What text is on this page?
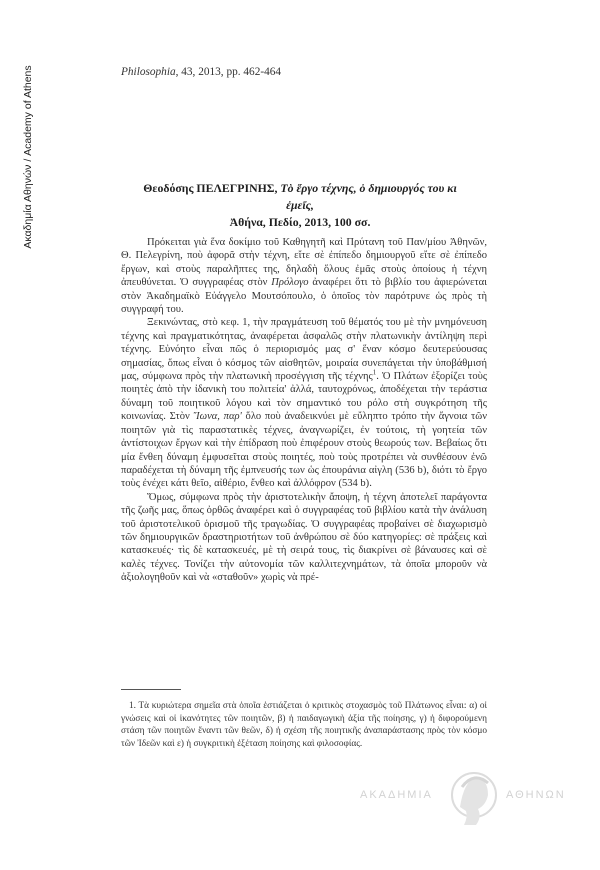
Ακαδημία Αθηνών / Academy of Athens	Philosophia, 43, 2013, pp. 462-464
Θεοδόσης ΠΕΛΕΓΡΙΝΗΣ, Τὸ ἔργο τέχνης, ὁ δημιουργός του κι ἐμεῖς,
Ἀθήνα, Πεδίο, 2013, 100 σσ.

Πρόκειται γιὰ ἕνα δοκίμιο τοῦ Καθηγητῆ καὶ Πρύτανη τοῦ Παν/μίου Ἀθηνῶν, Θ. Πελεγρίνη, ποὺ ἀφορᾶ στὴν τέχνη, εἴτε σὲ ἐπίπεδο δημιουργοῦ εἴτε σὲ ἐπίπεδο ἔργων, καὶ στοὺς παραλῆπτες της, δηλαδὴ ὅλους ἐμᾶς στοὺς ὁποίους ἡ τέχνη ἀπευθύνεται. Ὁ συγγραφέας στὸν Πρόλογο ἀναφέρει ὅτι τὸ βιβλίο του ἀφιερώνεται στὸν Ἀκαδημαϊκὸ Εὐάγγελο Μουτσόπουλο, ὁ ὁποῖος τὸν παρότρυνε ὡς πρὸς τὴ συγγραφή του.

Ξεκινώντας, στὸ κεφ. 1, τὴν πραγμάτευση τοῦ θέματός του μὲ τὴν μνημόνευση τέχνης καὶ πραγματικότητας, ἀναφέρεται ἀσφαλῶς στὴν πλατωνικὴν ἀντίληψη περὶ τέχνης. Εὐνόητο εἶναι πῶς ὁ περιορισμός μας σ' ἕναν κόσμο δευτερεύουσας σημασίας, ὅπως εἶναι ὁ κόσμος τῶν αἰσθητῶν, μοιραία συνεπάγεται τὴν ὑποβάθμισή μας, σύμφωνα πρὸς τὴν πλατωνικὴ προσέγγιση τῆς τέχνης$^1$. Ὁ Πλάτων ἐξορίζει τοὺς ποιητὲς ἀπὸ τὴν ἰδανικὴ του πολιτεία' ἀλλά, ταυτοχρόνως, ἀποδέχεται τὴν τεράστια δύναμη τοῦ ποιητικοῦ λόγου καὶ τὸν σημαντικό του ρόλο στὴ συγκρότηση τῆς κοινωνίας. Στὸν Ἴωνα, παρ' ὅλο ποὺ ἀναδεικνύει μὲ εὔληπτο τρόπο τὴν ἄγνοια τῶν ποιητῶν γιὰ τὶς παραστατικὲς τέχνες, ἀναγνωρίζει, ἐν τούτοις, τὴ γοητεία τῶν ἀντίστοιχων ἔργων καὶ τὴν ἐπίδραση ποὺ ἐπιφέρουν στοὺς θεωρούς των. Βεβαίως ὅτι μία ἔνθεη δύναμη ἐμφυσεῖται στοὺς ποιητές, ποὺ τοὺς προτρέπει νὰ συνθέσουν ἐνῶ παραδέχεται τὴ δύναμη τῆς ἐμπνευσής των ὡς ἐπουράνια αἰγλη (536 b), διότι τὸ ἔργο τοὺς ἐνέχει κάτι θεῖο, αἰθέριο, ἔνθεο καὶ ἀλλόφρον (534 b).

Ὅμως, σύμφωνα πρὸς τὴν ἀριστοτελικὴν ἄποψη, ἡ τέχνη ἀποτελεῖ παράγοντα τῆς ζωῆς μας, ὅπως ὀρθῶς ἀναφέρει καὶ ὁ συγγραφέας τοῦ βιβλίου κατὰ τὴν ἀνάλυση τοῦ ἀριστοτελικοῦ ὁρισμοῦ τῆς τραγωδίας. Ὁ συγγραφέας προβαίνει σὲ διαχωρισμὸ τῶν δημιουργικῶν δραστηριοτήτων τοῦ ἀνθρώπου σὲ δύο κατηγορίες: σὲ πράξεις καὶ κατασκευές· τὶς δὲ κατασκευές, μὲ τὴ σειρά τους, τὶς διακρίνει σὲ βάναυσες καὶ σὲ καλὲς τέχνες. Τονίζει τὴν αὐτονομία τῶν καλλιτεχνημάτων, τὰ ὁποῖα μποροῦν νὰ ἀξιολογηθοῦν καὶ νὰ «σταθοῦν» χωρὶς νὰ πρέ-

1. Τὰ κυριώτερα σημεῖα στὰ ὁποῖα ἑστιάζεται ὁ κριτικὸς στοχασμὸς τοῦ Πλάτωνος εἶναι: α) οἱ γνώσεις καὶ οἱ ἱκανότητες τῶν ποιητῶν, β) ἡ παιδαγωγικὴ ἀξία τῆς ποίησης, γ) ἡ διφορούμενη στάση τῶν ποιητῶν ἔναντι τῶν θεῶν, δ) ἡ σχέση τῆς ποιητικῆς ἀναπαράστασης πρὸς τὸν κόσμο τῶν Ἰδεῶν καὶ ε) ἡ συγκριτικὴ ἐξέταση ποίησης καὶ φιλοσοφίας.

ΑΚΑΔΗΜΙΑ	ΑΘΗΝΩΝ
